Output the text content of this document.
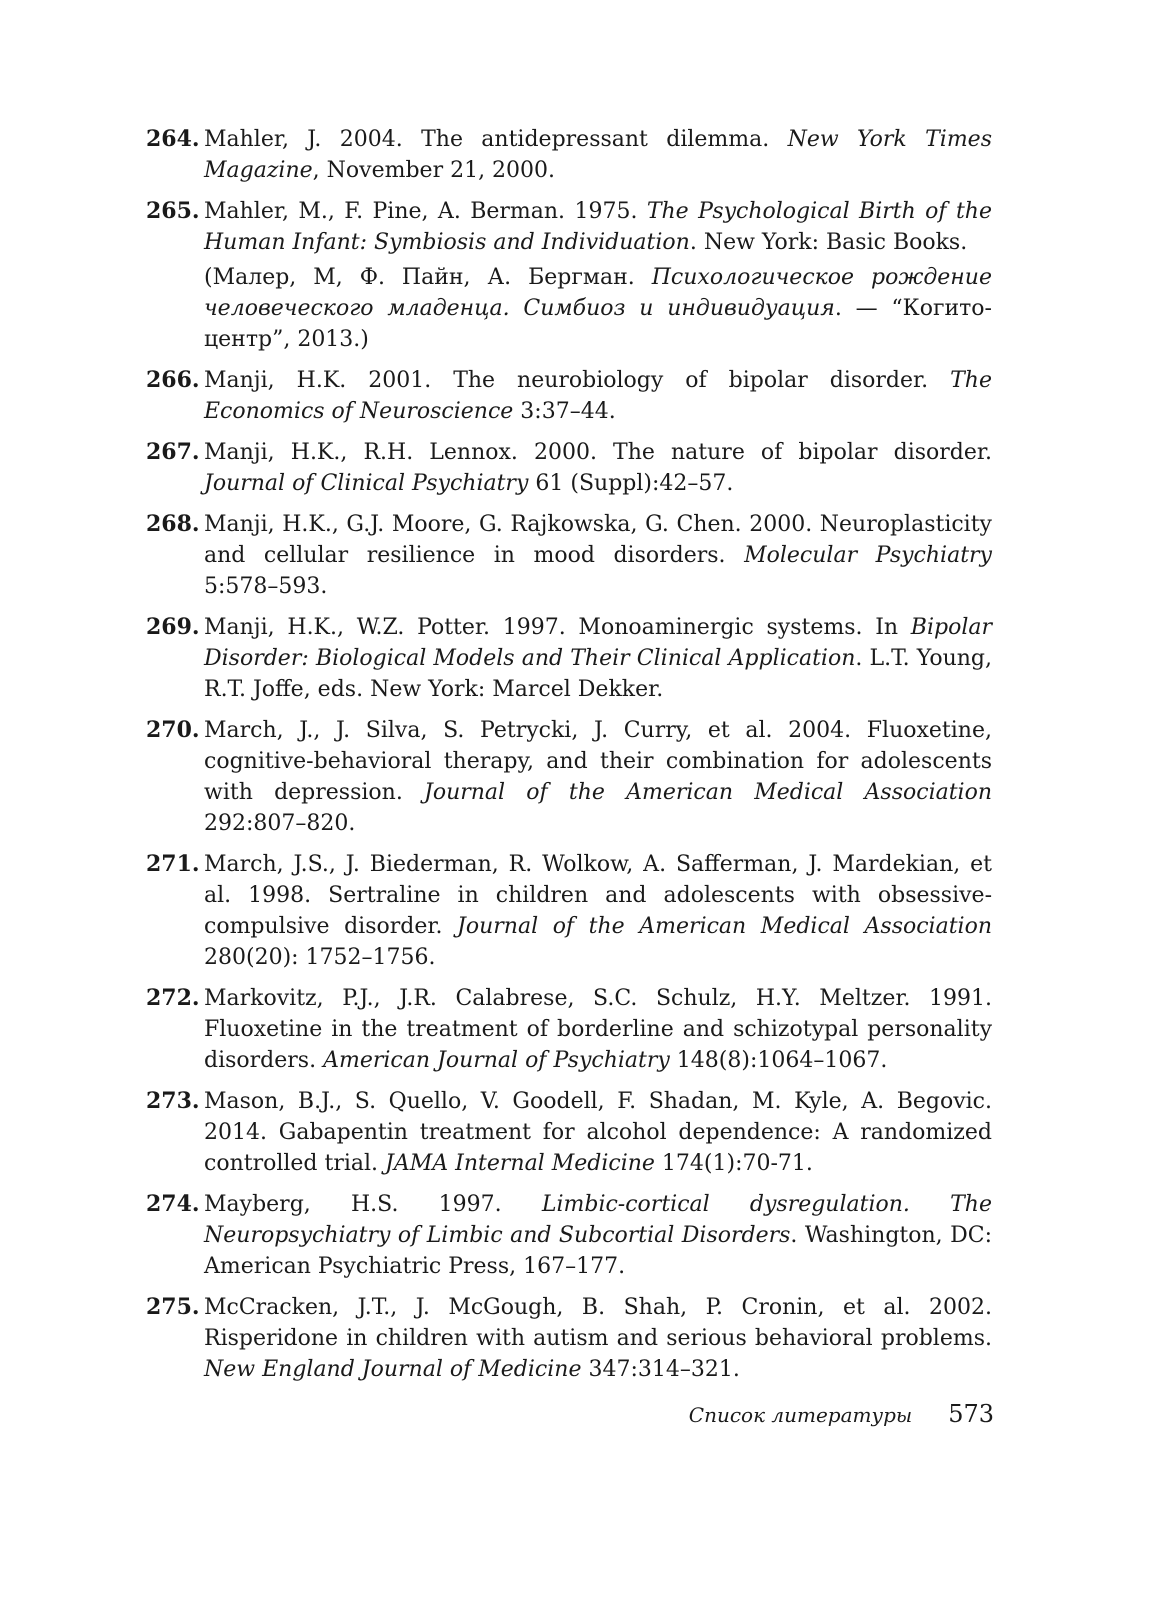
264. Mahler, J. 2004. The antidepressant dilemma. New York Times Magazine, November 21, 2000.
265. Mahler, M., F. Pine, A. Berman. 1975. The Psychological Birth of the Human Infant: Symbiosis and Individuation. New York: Basic Books.
(Малер, М, Ф. Пайн, А. Бергман. Психологическое рождение человеческого младенца. Симбиоз и индивидуация. — “Когито-центр”, 2013.)
266. Manji, H.K. 2001. The neurobiology of bipolar disorder. The Economics of Neuroscience 3:37–44.
267. Manji, H.K., R.H. Lennox. 2000. The nature of bipolar disorder. Journal of Clinical Psychiatry 61 (Suppl):42–57.
268. Manji, H.K., G.J. Moore, G. Rajkowska, G. Chen. 2000. Neuroplasticity and cellular resilience in mood disorders. Molecular Psychiatry 5:578–593.
269. Manji, H.K., W.Z. Potter. 1997. Monoaminergic systems. In Bipolar Disorder: Biological Models and Their Clinical Application. L.T. Young, R.T. Joffe, eds. New York: Marcel Dekker.
270. March, J., J. Silva, S. Petrycki, J. Curry, et al. 2004. Fluoxetine, cognitive-behavioral therapy, and their combination for adolescents with depression. Journal of the American Medical Association 292:807–820.
271. March, J.S., J. Biederman, R. Wolkow, A. Safferman, J. Mardekian, et al. 1998. Sertraline in children and adolescents with obsessive-compulsive disorder. Journal of the American Medical Association 280(20): 1752–1756.
272. Markovitz, P.J., J.R. Calabrese, S.C. Schulz, H.Y. Meltzer. 1991. Fluoxetine in the treatment of borderline and schizotypal personality disorders. American Journal of Psychiatry 148(8):1064–1067.
273. Mason, B.J., S. Quello, V. Goodell, F. Shadan, M. Kyle, A. Begovic. 2014. Gabapentin treatment for alcohol dependence: A randomized controlled trial. JAMA Internal Medicine 174(1):70-71.
274. Mayberg, H.S. 1997. Limbic-cortical dysregulation. The Neuropsychiatry of Limbic and Subcortial Disorders. Washington, DC: American Psychiatric Press, 167–177.
275. McCracken, J.T., J. McGough, B. Shah, P. Cronin, et al. 2002. Risperidone in children with autism and serious behavioral problems. New England Journal of Medicine 347:314–321.
Список литературы 573
